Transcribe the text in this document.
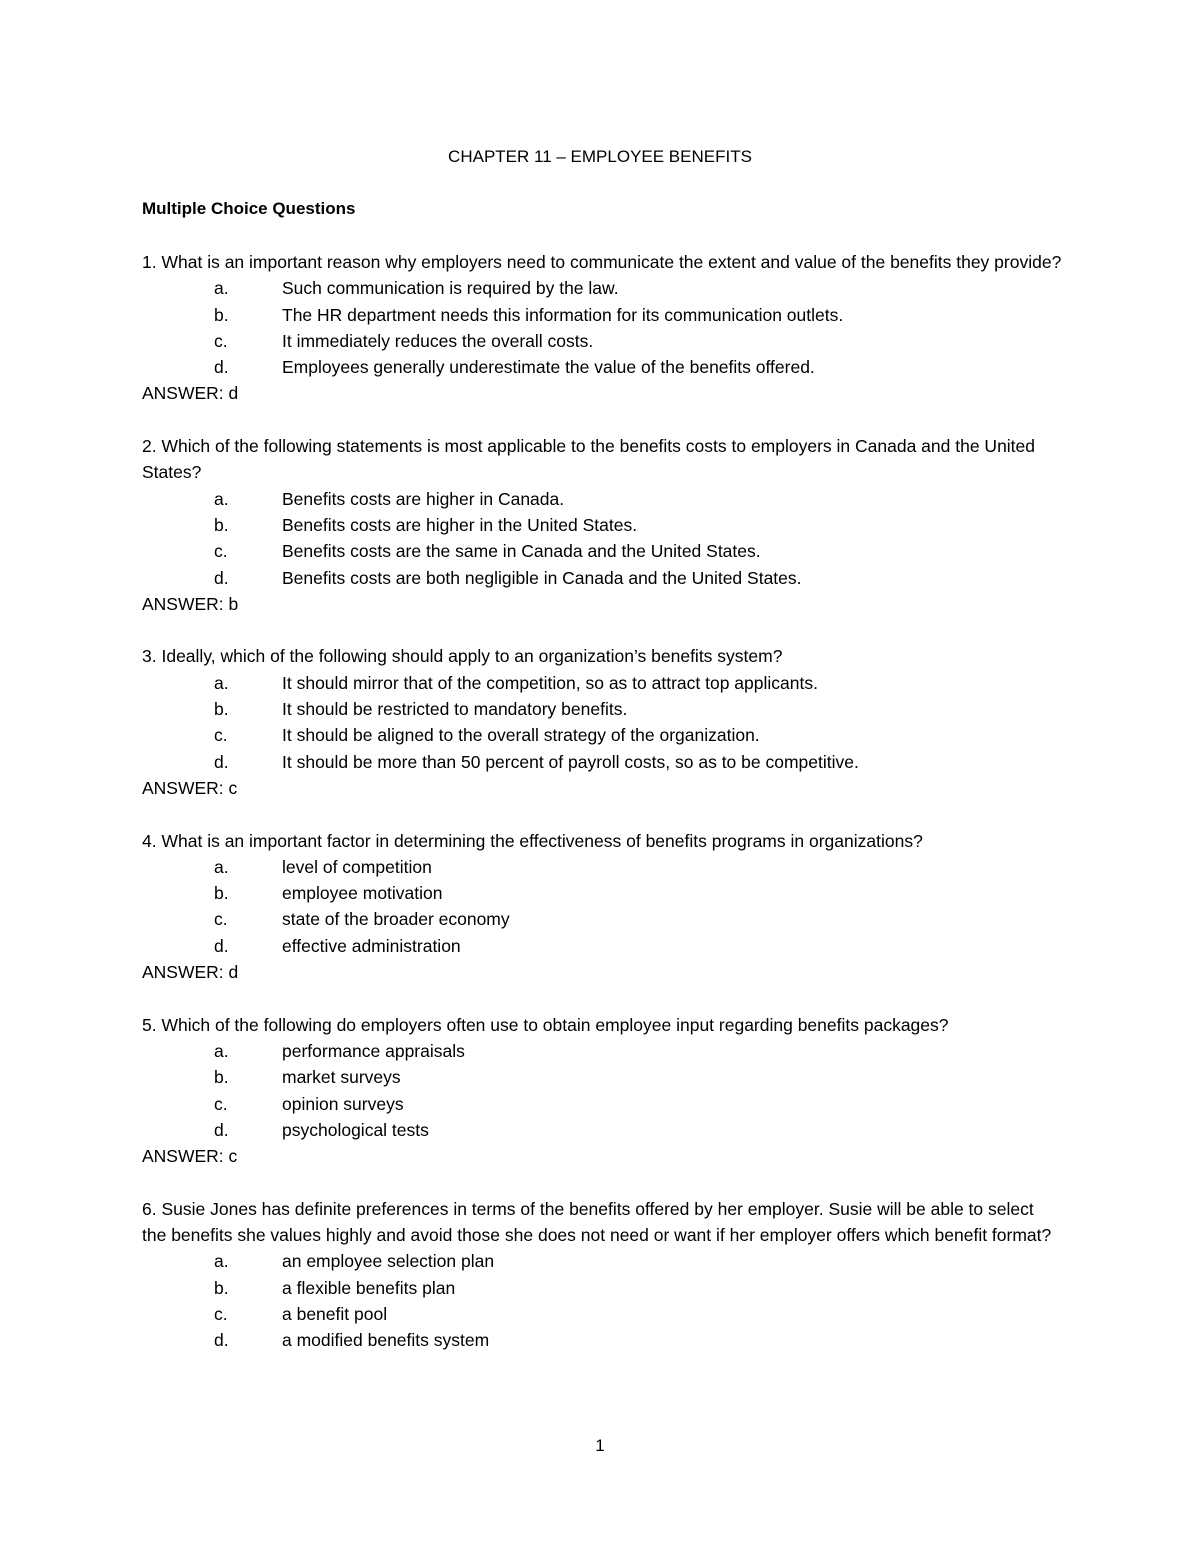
CHAPTER 11 – EMPLOYEE BENEFITS
Multiple Choice Questions

1. What is an important reason why employers need to communicate the extent and value of the benefits they provide?

a.	Such communication is required by the law.
b.	The HR department needs this information for its communication outlets.
c.	It immediately reduces the overall costs.
d.	Employees generally underestimate the value of the benefits offered.
ANSWER: d

2. Which of the following statements is most applicable to the benefits costs to employers in Canada and the United States?

a.	Benefits costs are higher in Canada.
b.	Benefits costs are higher in the United States.
c.	Benefits costs are the same in Canada and the United States.
d.	Benefits costs are both negligible in Canada and the United States.
ANSWER: b

3. Ideally, which of the following should apply to an organization’s benefits system?

a.	It should mirror that of the competition, so as to attract top applicants.
b.	It should be restricted to mandatory benefits.
c.	It should be aligned to the overall strategy of the organization.
d.	It should be more than 50 percent of payroll costs, so as to be competitive.
ANSWER: c

4. What is an important factor in determining the effectiveness of benefits programs in organizations?

a.	level of competition
b.	employee motivation
c.	state of the broader economy
d.	effective administration
ANSWER: d

5. Which of the following do employers often use to obtain employee input regarding benefits packages?

a.	performance appraisals
b.	market surveys
c.	opinion surveys
d.	psychological tests
ANSWER: c

6. Susie Jones has definite preferences in terms of the benefits offered by her employer. Susie will be able to select the benefits she values highly and avoid those she does not need or want if her employer offers which benefit format?

a.	an employee selection plan
b.	a flexible benefits plan
c.	a benefit pool
d.	a modified benefits system
1
